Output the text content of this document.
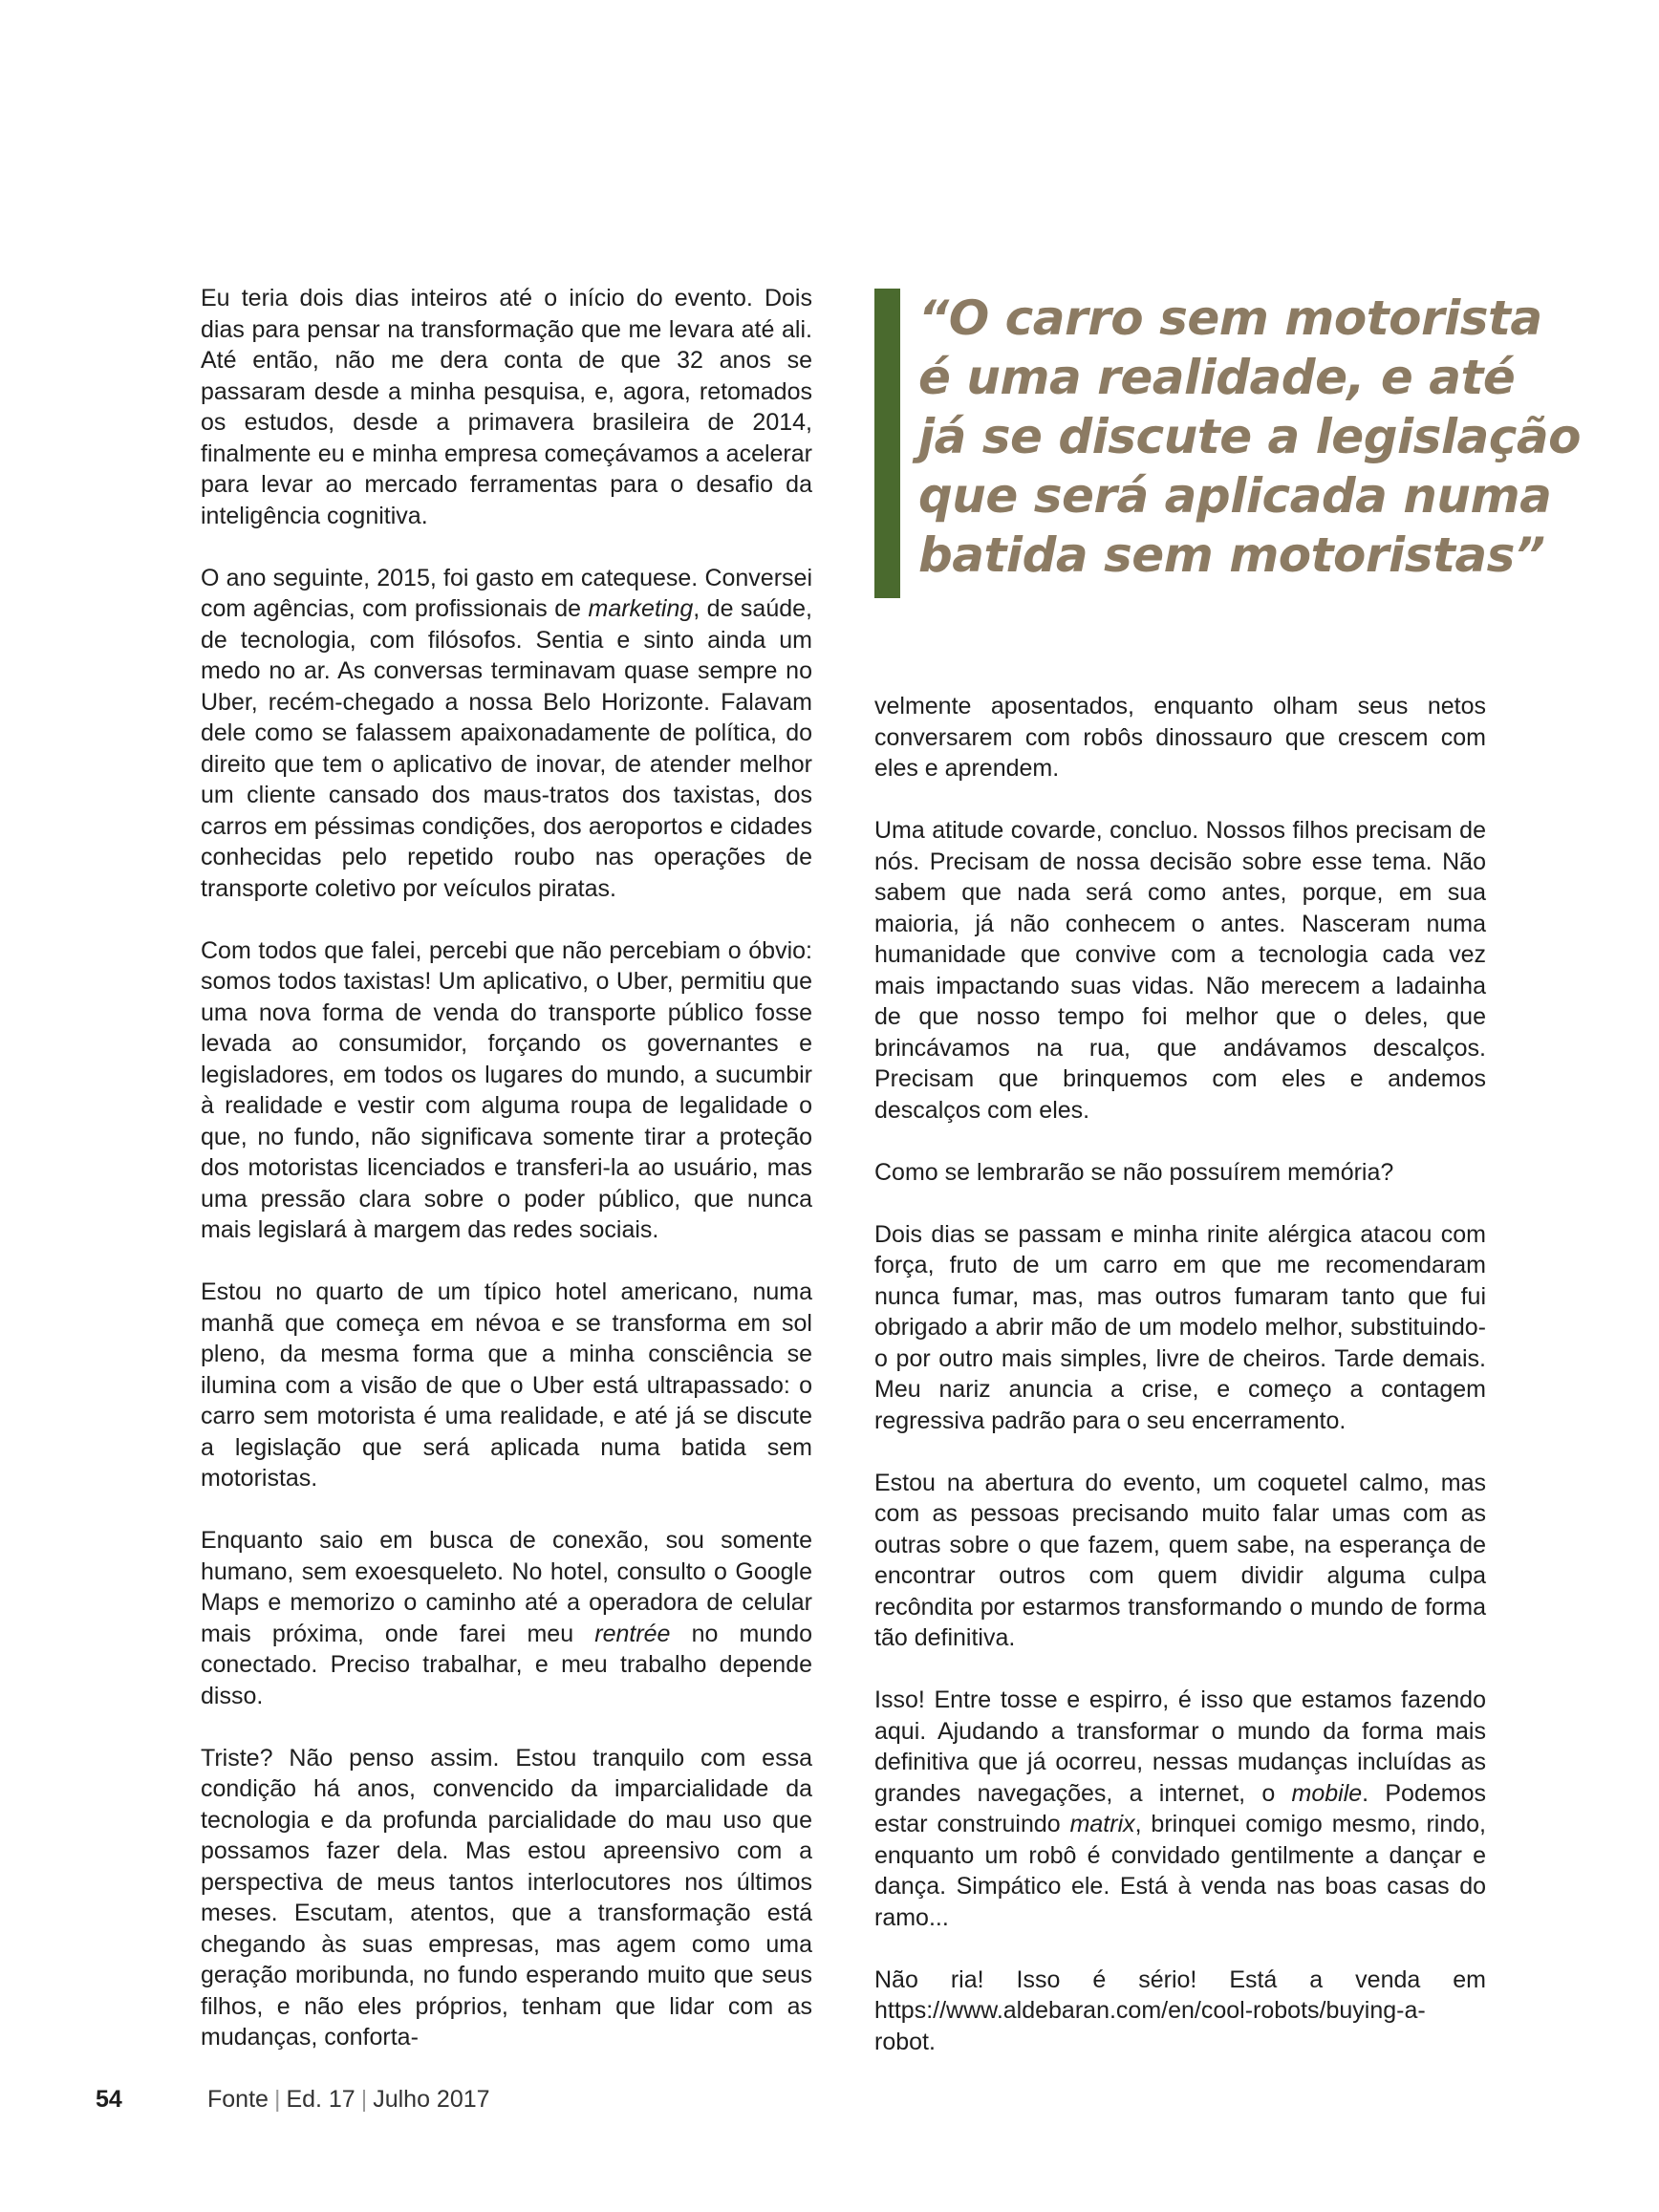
“O carro sem motorista
é uma realidade, e até
já se discute a legislação
que será aplicada numa
batida sem motoristas”

Eu teria dois dias inteiros até o início do evento. Dois dias para pensar na transformação que me levara até ali. Até então, não me dera conta de que 32 anos se passaram desde a minha pesquisa, e, agora, retomados os estudos, desde a primavera brasileira de 2014, finalmente eu e minha empresa começávamos a acelerar para levar ao mercado ferramentas para o desafio da inteligência cognitiva.

O ano seguinte, 2015, foi gasto em catequese. Conversei com agências, com profissionais de marketing, de saúde, de tecnologia, com filósofos. Sentia e sinto ainda um medo no ar. As conversas terminavam quase sempre no Uber, recém-chegado a nossa Belo Horizonte. Falavam dele como se falassem apaixonadamente de política, do direito que tem o aplicativo de inovar, de atender melhor um cliente cansado dos maus-tratos dos taxistas, dos carros em péssimas condições, dos aeroportos e cidades conhecidas pelo repetido roubo nas operações de transporte coletivo por veículos piratas.

Com todos que falei, percebi que não percebiam o óbvio: somos todos taxistas! Um aplicativo, o Uber, permitiu que uma nova forma de venda do transporte público fosse levada ao consumidor, forçando os governantes e legisladores, em todos os lugares do mundo, a sucumbir à realidade e vestir com alguma roupa de legalidade o que, no fundo, não significava somente tirar a proteção dos motoristas licenciados e transferi-la ao usuário, mas uma pressão clara sobre o poder público, que nunca mais legislará à margem das redes sociais.

Estou no quarto de um típico hotel americano, numa manhã que começa em névoa e se transforma em sol pleno, da mesma forma que a minha consciência se ilumina com a visão de que o Uber está ultrapassado: o carro sem motorista é uma realidade, e até já se discute a legislação que será aplicada numa batida sem motoristas.

Enquanto saio em busca de conexão, sou somente humano, sem exoesqueleto. No hotel, consulto o Google Maps e memorizo o caminho até a operadora de celular mais próxima, onde farei meu rentrée no mundo conectado. Preciso trabalhar, e meu trabalho depende disso.

Triste? Não penso assim. Estou tranquilo com essa condição há anos, convencido da imparcialidade da tecnologia e da profunda parcialidade do mau uso que possamos fazer dela. Mas estou apreensivo com a perspectiva de meus tantos interlocutores nos últimos meses. Escutam, atentos, que a transformação está chegando às suas empresas, mas agem como uma geração moribunda, no fundo esperando muito que seus filhos, e não eles próprios, tenham que lidar com as mudanças, conforta-

velmente aposentados, enquanto olham seus netos conversarem com robôs dinossauro que crescem com eles e aprendem.

Uma atitude covarde, concluo. Nossos filhos precisam de nós. Precisam de nossa decisão sobre esse tema. Não sabem que nada será como antes, porque, em sua maioria, já não conhecem o antes. Nasceram numa humanidade que convive com a tecnologia cada vez mais impactando suas vidas. Não merecem a ladainha de que nosso tempo foi melhor que o deles, que brincávamos na rua, que andávamos descalços. Precisam que brinquemos com eles e andemos descalços com eles.

Como se lembrarão se não possuírem memória?

Dois dias se passam e minha rinite alérgica atacou com força, fruto de um carro em que me recomendaram nunca fumar, mas, mas outros fumaram tanto que fui obrigado a abrir mão de um modelo melhor, substituindo-o por outro mais simples, livre de cheiros. Tarde demais. Meu nariz anuncia a crise, e começo a contagem regressiva padrão para o seu encerramento.

Estou na abertura do evento, um coquetel calmo, mas com as pessoas precisando muito falar umas com as outras sobre o que fazem, quem sabe, na esperança de encontrar outros com quem dividir alguma culpa recôndita por estarmos transformando o mundo de forma tão definitiva.

Isso! Entre tosse e espirro, é isso que estamos fazendo aqui. Ajudando a transformar o mundo da forma mais definitiva que já ocorreu, nessas mudanças incluídas as grandes navegações, a internet, o mobile. Podemos estar construindo matrix, brinquei comigo mesmo, rindo, enquanto um robô é convidado gentilmente a dançar e dança. Simpático ele. Está à venda nas boas casas do ramo...

Não ria! Isso é sério! Está a venda em https://www.aldebaran.com/en/cool-robots/buying-a-robot.

54	Fonte | Ed. 17 | Julho 2017
